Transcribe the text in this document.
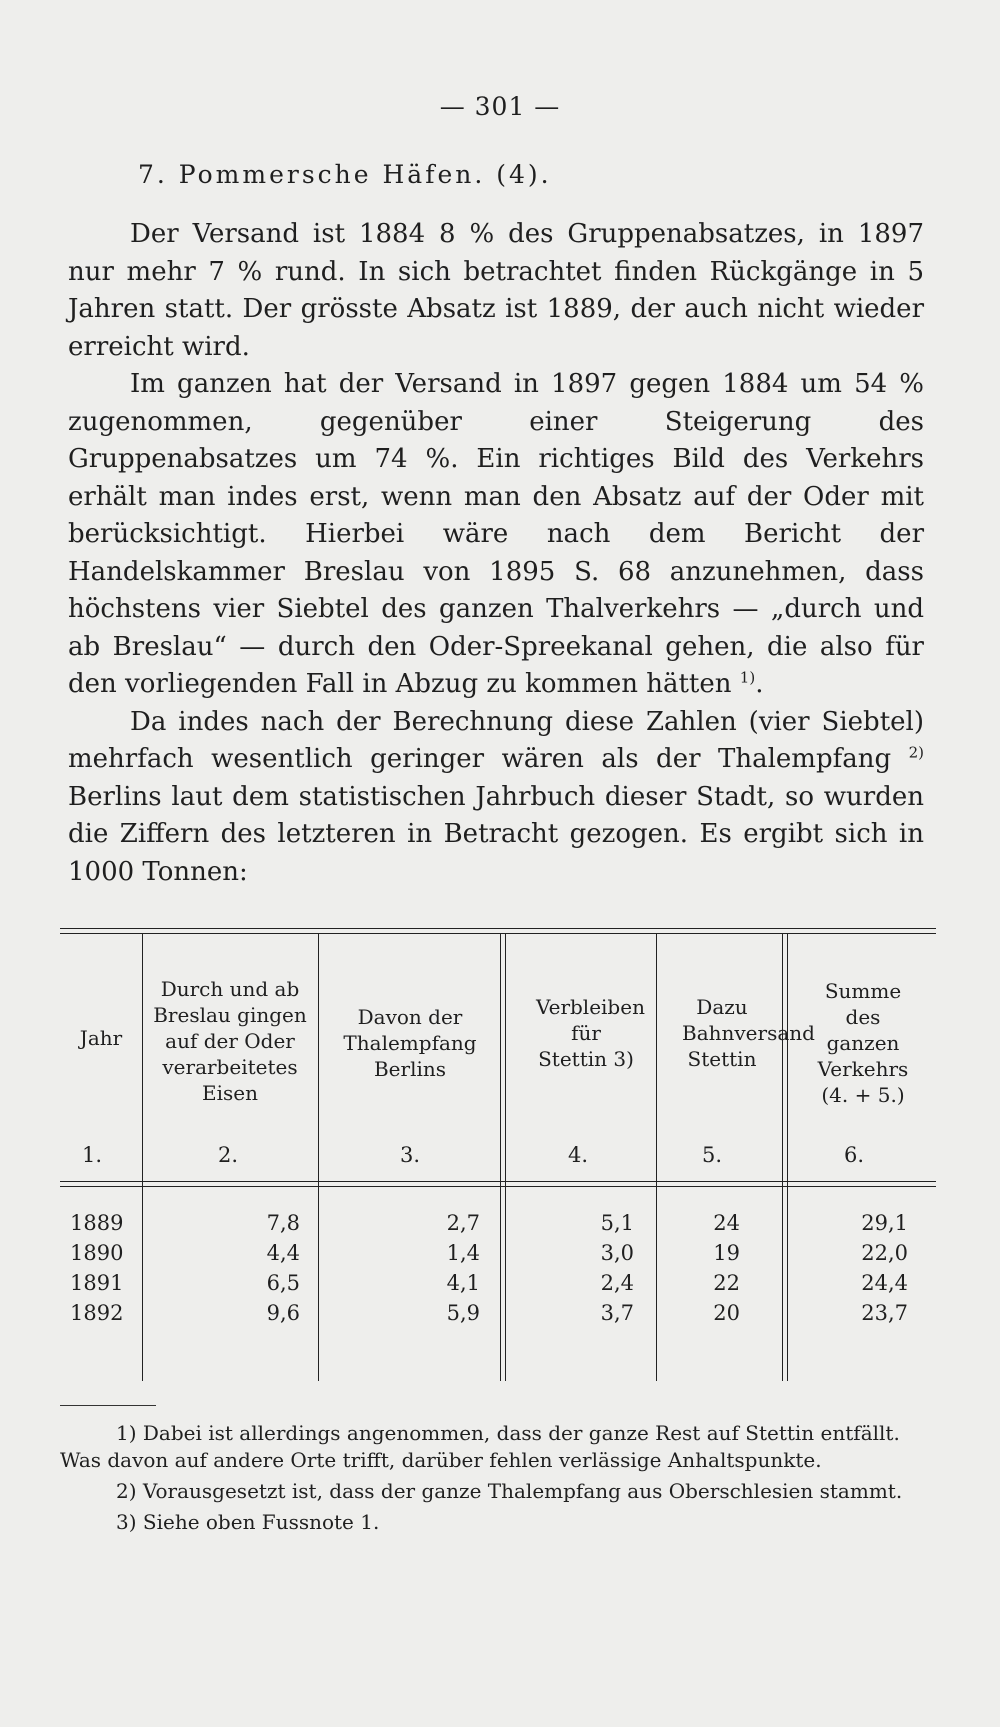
— 301 —
7. Pommersche Häfen. (4).

Der Versand ist 1884 8 % des Gruppenabsatzes, in 1897 nur mehr 7 % rund. In sich betrachtet finden Rückgänge in 5 Jahren statt. Der grösste Absatz ist 1889, der auch nicht wieder erreicht wird.

Im ganzen hat der Versand in 1897 gegen 1884 um 54 % zugenommen, gegenüber einer Steigerung des Gruppenabsatzes um 74 %. Ein richtiges Bild des Verkehrs erhält man indes erst, wenn man den Absatz auf der Oder mit berücksichtigt. Hierbei wäre nach dem Bericht der Handelskammer Breslau von 1895 S. 68 anzunehmen, dass höchstens vier Siebtel des ganzen Thalverkehrs — „durch und ab Breslau“ — durch den Oder-Spreekanal gehen, die also für den vorliegenden Fall in Abzug zu kommen hätten $^{1)}$.

Da indes nach der Berechnung diese Zahlen (vier Siebtel) mehrfach wesentlich geringer wären als der Thalempfang $^{2)}$ Berlins laut dem statistischen Jahrbuch dieser Stadt, so wurden die Ziffern des letzteren in Betracht gezogen. Es ergibt sich in 1000 Tonnen:

Jahr
Durch und ab Breslau gingen auf der Oder verarbeitetes Eisen
Davon der Thalempfang Berlins
Verbleiben für Stettin 3)
Dazu Bahnversand Stettin
Summe des ganzen Verkehrs (4. + 5.)
1.	2.	3.	4.	5.	6.
1889	7,8	2,7	5,1	24	29,1
1890	4,4	1,4	3,0	19	22,0
1891	6,5	4,1	2,4	22	24,4
1892	9,6	5,9	3,7	20	23,7

1) Dabei ist allerdings angenommen, dass der ganze Rest auf Stettin entfällt. Was davon auf andere Orte trifft, darüber fehlen verlässige Anhaltspunkte.

2) Vorausgesetzt ist, dass der ganze Thalempfang aus Oberschlesien stammt.

3) Siehe oben Fussnote 1.
